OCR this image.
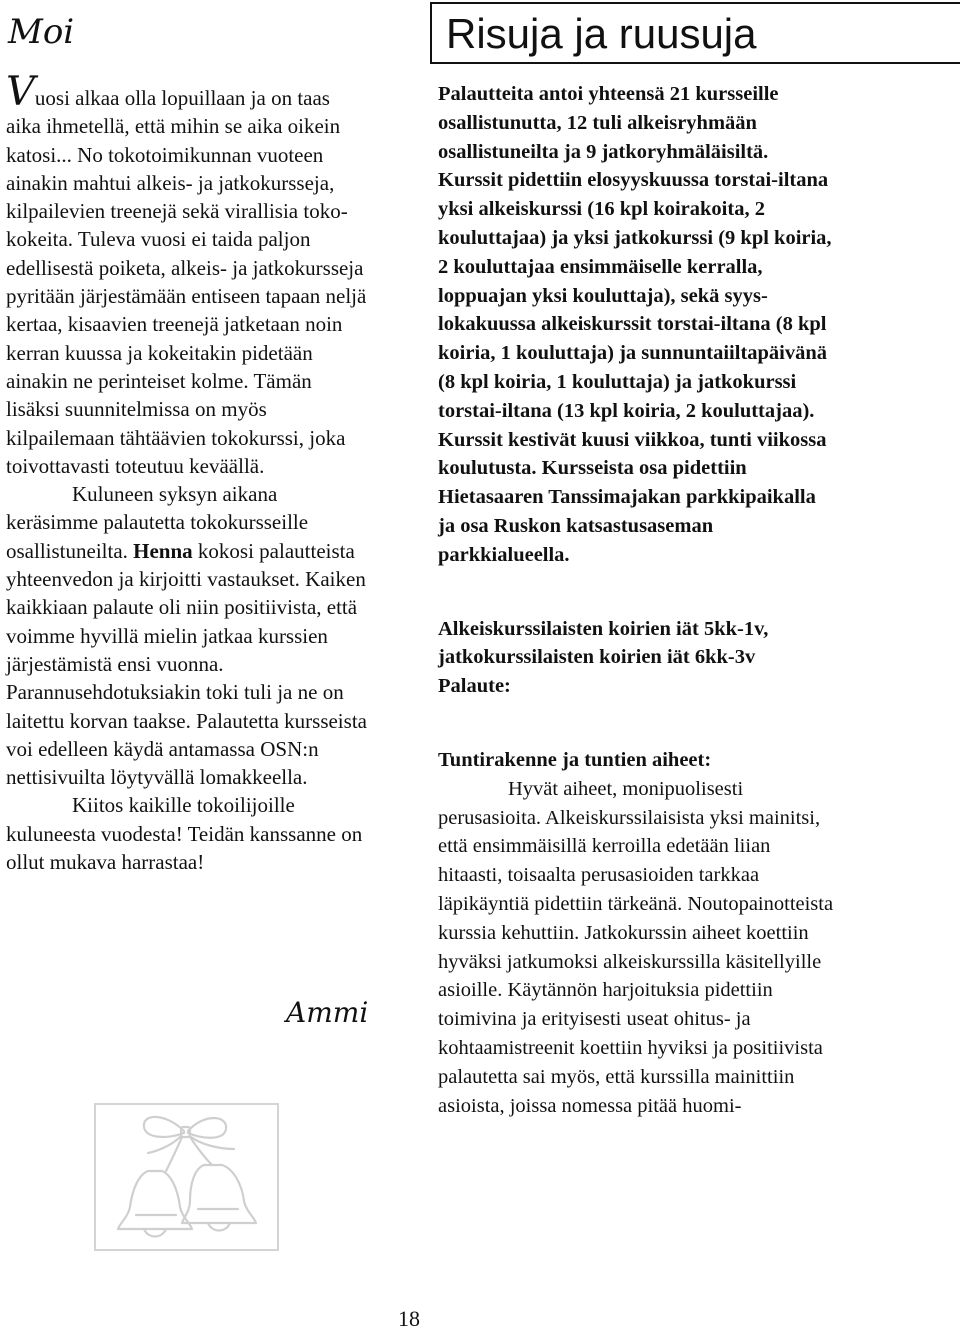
Moi

Vuosi alkaa olla lopuillaan ja on taas aika ihmetellä, että mihin se aika oikein katosi... No tokotoimikunnan vuoteen ainakin mahtui alkeis- ja jatkokursseja, kilpailevien treenejä sekä virallisia toko-kokeita. Tuleva vuosi ei taida paljon edellisestä poiketa, alkeis- ja jatkokursseja pyritään järjestämään entiseen tapaan neljä kertaa, kisaavien treenejä jatketaan noin kerran kuussa ja kokeitakin pidetään ainakin ne perinteiset kolme. Tämän lisäksi suunnitelmissa on myös kilpailemaan tähtäävien tokokurssi, joka toivottavasti toteutuu keväällä.

Kuluneen syksyn aikana keräsimme palautetta tokokursseille osallistuneilta. Henna kokosi palautteista yhteenvedon ja kirjoitti vastaukset. Kaiken kaikkiaan palaute oli niin positiivista, että voimme hyvillä mielin jatkaa kurssien järjestämistä ensi vuonna. Parannusehdotuksiakin toki tuli ja ne on laitettu korvan taakse. Palautetta kursseista voi edelleen käydä antamassa OSN:n nettisivuilta löytyvällä lomakkeella.

Kiitos kaikille tokoilijoille kuluneesta vuodesta! Teidän kanssanne on ollut mukava harrastaa!

Ammi
Risuja ja ruusuja

Palautteita antoi yhteensä 21 kursseille osallistunutta, 12 tuli alkeisryhmään osallistuneilta ja 9 jatkoryhmäläisiltä. Kurssit pidettiin elosyyskuussa torstai-iltana yksi alkeiskurssi (16 kpl koirakoita, 2 kouluttajaa) ja yksi jatkokurssi (9 kpl koiria, 2 kouluttajaa ensimmäiselle kerralla, loppuajan yksi kouluttaja), sekä syys-lokakuussa alkeiskurssit torstai-iltana (8 kpl koiria, 1 kouluttaja) ja sunnuntaiiltapäivänä (8 kpl koiria, 1 kouluttaja) ja jatkokurssi torstai-iltana (13 kpl koiria, 2 kouluttajaa). Kurssit kestivät kuusi viikkoa, tunti viikossa koulutusta. Kursseista osa pidettiin Hietasaaren Tanssimajakan parkkipaikalla ja osa Ruskon katsastusaseman parkkialueella.

Alkeiskurssilaisten koirien iät 5kk-1v, jatkokurssilaisten koirien iät 6kk-3v

Palaute:

Tuntirakenne ja tuntien aiheet:

Hyvät aiheet, monipuolisesti perusasioita. Alkeiskurssilaisista yksi mainitsi, että ensimmäisillä kerroilla edetään liian hitaasti, toisaalta perusasioiden tarkkaa läpikäyntiä pidettiin tärkeänä. Noutopainotteista kurssia kehuttiin. Jatkokurssin aiheet koettiin hyväksi jatkumoksi alkeiskurssilla käsitellyille asioille. Käytännön harjoituksia pidettiin toimivina ja erityisesti useat ohitus- ja kohtaamistreenit koettiin hyviksi ja positiivista palautetta sai myös, että kurssilla mainittiin asioista, joissa nomessa pitää huomi-

18
